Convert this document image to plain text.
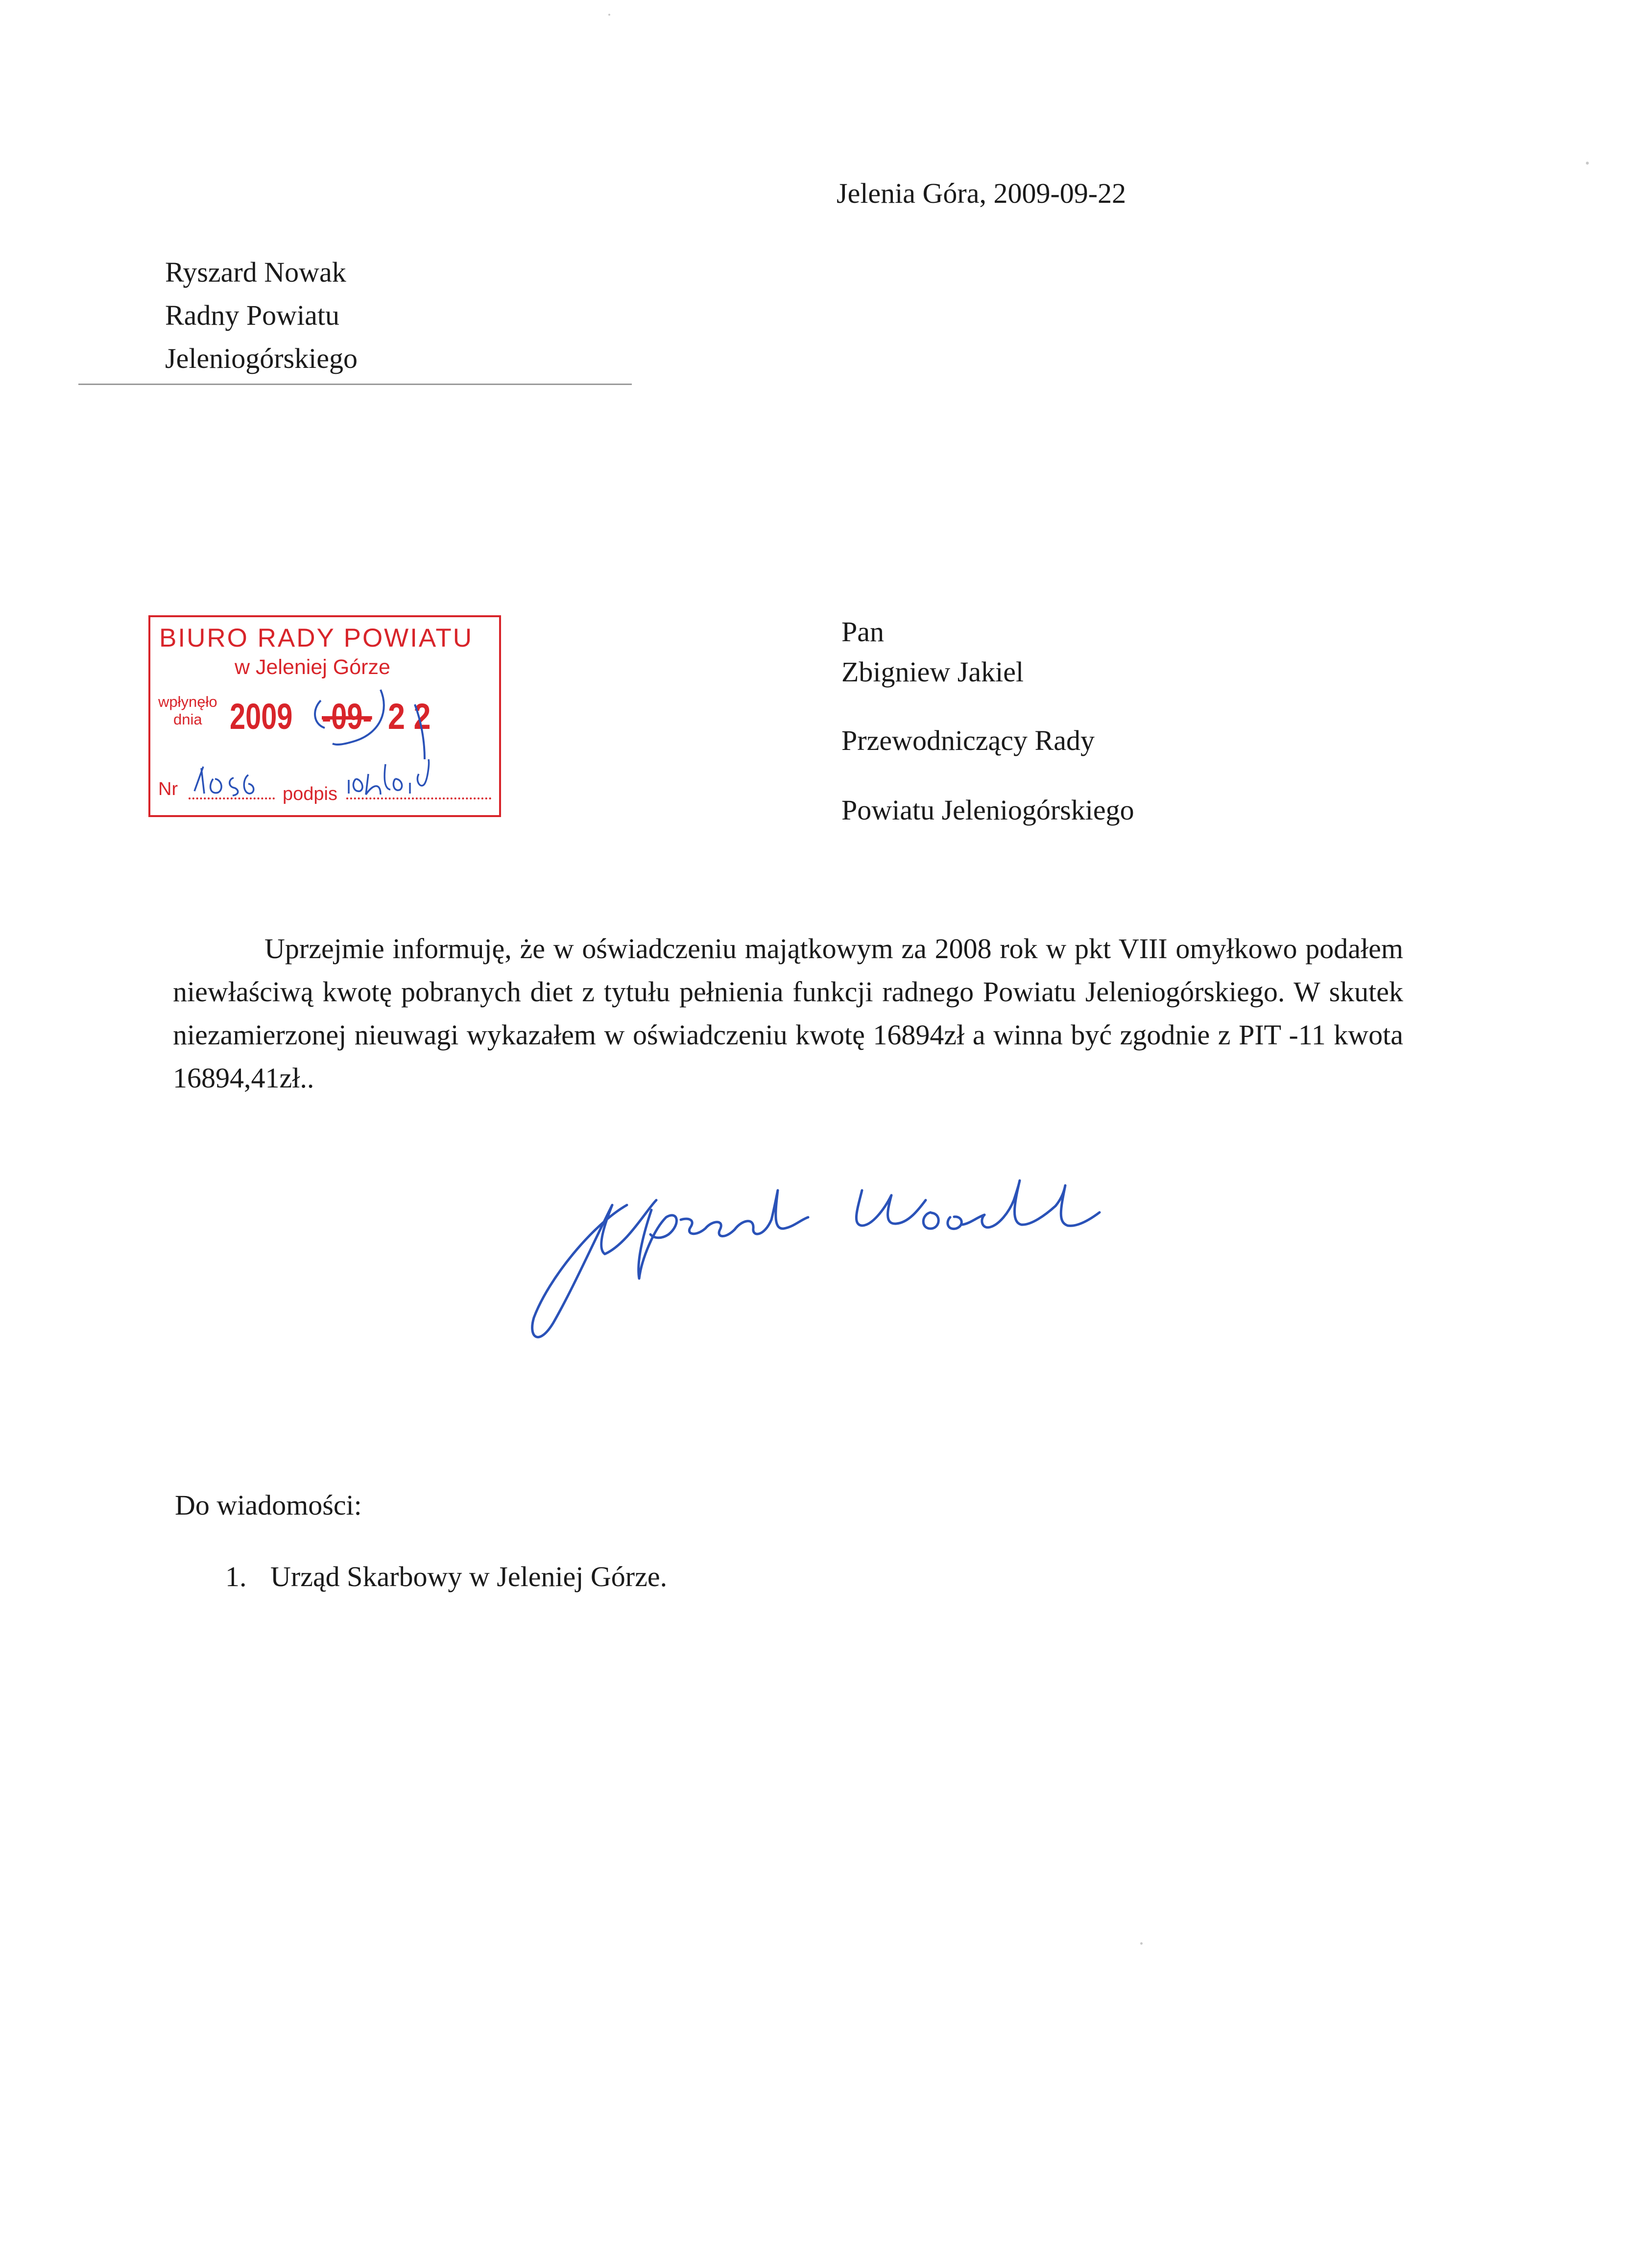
Jelenia Góra, 2009-09-22
Ryszard Nowak
Radny Powiatu
Jeleniogórskiego
BIURO RADY POWIATU
w Jeleniej Górze
wpłynęło
dnia 2009 -09- 2 2
Nr	podpis
Pan
Zbigniew Jakiel
Przewodniczący Rady
Powiatu Jeleniogórskiego
Uprzejmie informuję, że w oświadczeniu majątkowym za 2008 rok w pkt VIII omyłkowo podałem niewłaściwą kwotę pobranych diet z tytułu pełnienia funkcji radnego Powiatu Jeleniogórskiego. W skutek niezamierzonej nieuwagi wykazałem w oświadczeniu kwotę 16894zł a winna być zgodnie z PIT -11 kwota 16894,41zł..
Do wiadomości:
1. Urząd Skarbowy w Jeleniej Górze.
